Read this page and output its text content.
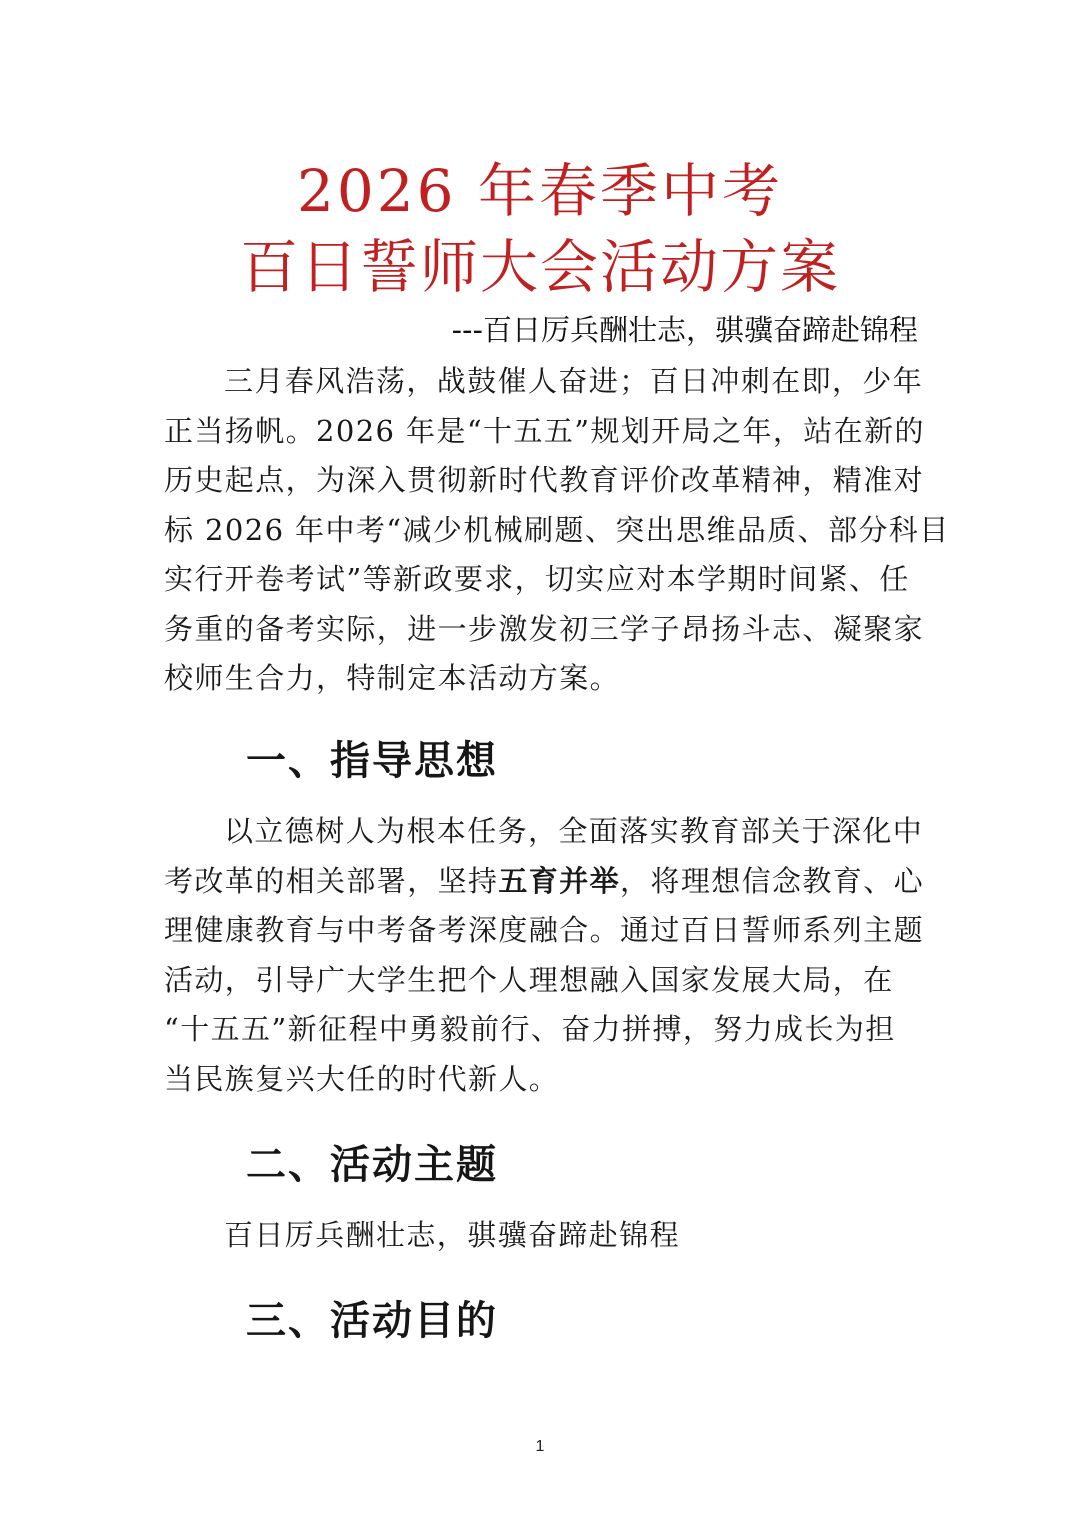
2026 年春季中考
百日誓师大会活动方案
---百日厉兵酬壮志，骐骥奋蹄赴锦程
三月春风浩荡，战鼓催人奋进；百日冲刺在即，少年
正当扬帆。2026 年是“十五五”规划开局之年，站在新的
历史起点，为深入贯彻新时代教育评价改革精神，精准对
标 2026 年中考“减少机械刷题、突出思维品质、部分科目
实行开卷考试”等新政要求，切实应对本学期时间紧、任
务重的备考实际，进一步激发初三学子昂扬斗志、凝聚家
校师生合力，特制定本活动方案。
一、指导思想
以立德树人为根本任务，全面落实教育部关于深化中
考改革的相关部署，坚持五育并举，将理想信念教育、心
理健康教育与中考备考深度融合。通过百日誓师系列主题
活动，引导广大学生把个人理想融入国家发展大局，在
“十五五”新征程中勇毅前行、奋力拼搏，努力成长为担
当民族复兴大任的时代新人。
二、活动主题
百日厉兵酬壮志，骐骥奋蹄赴锦程
三、活动目的
1
